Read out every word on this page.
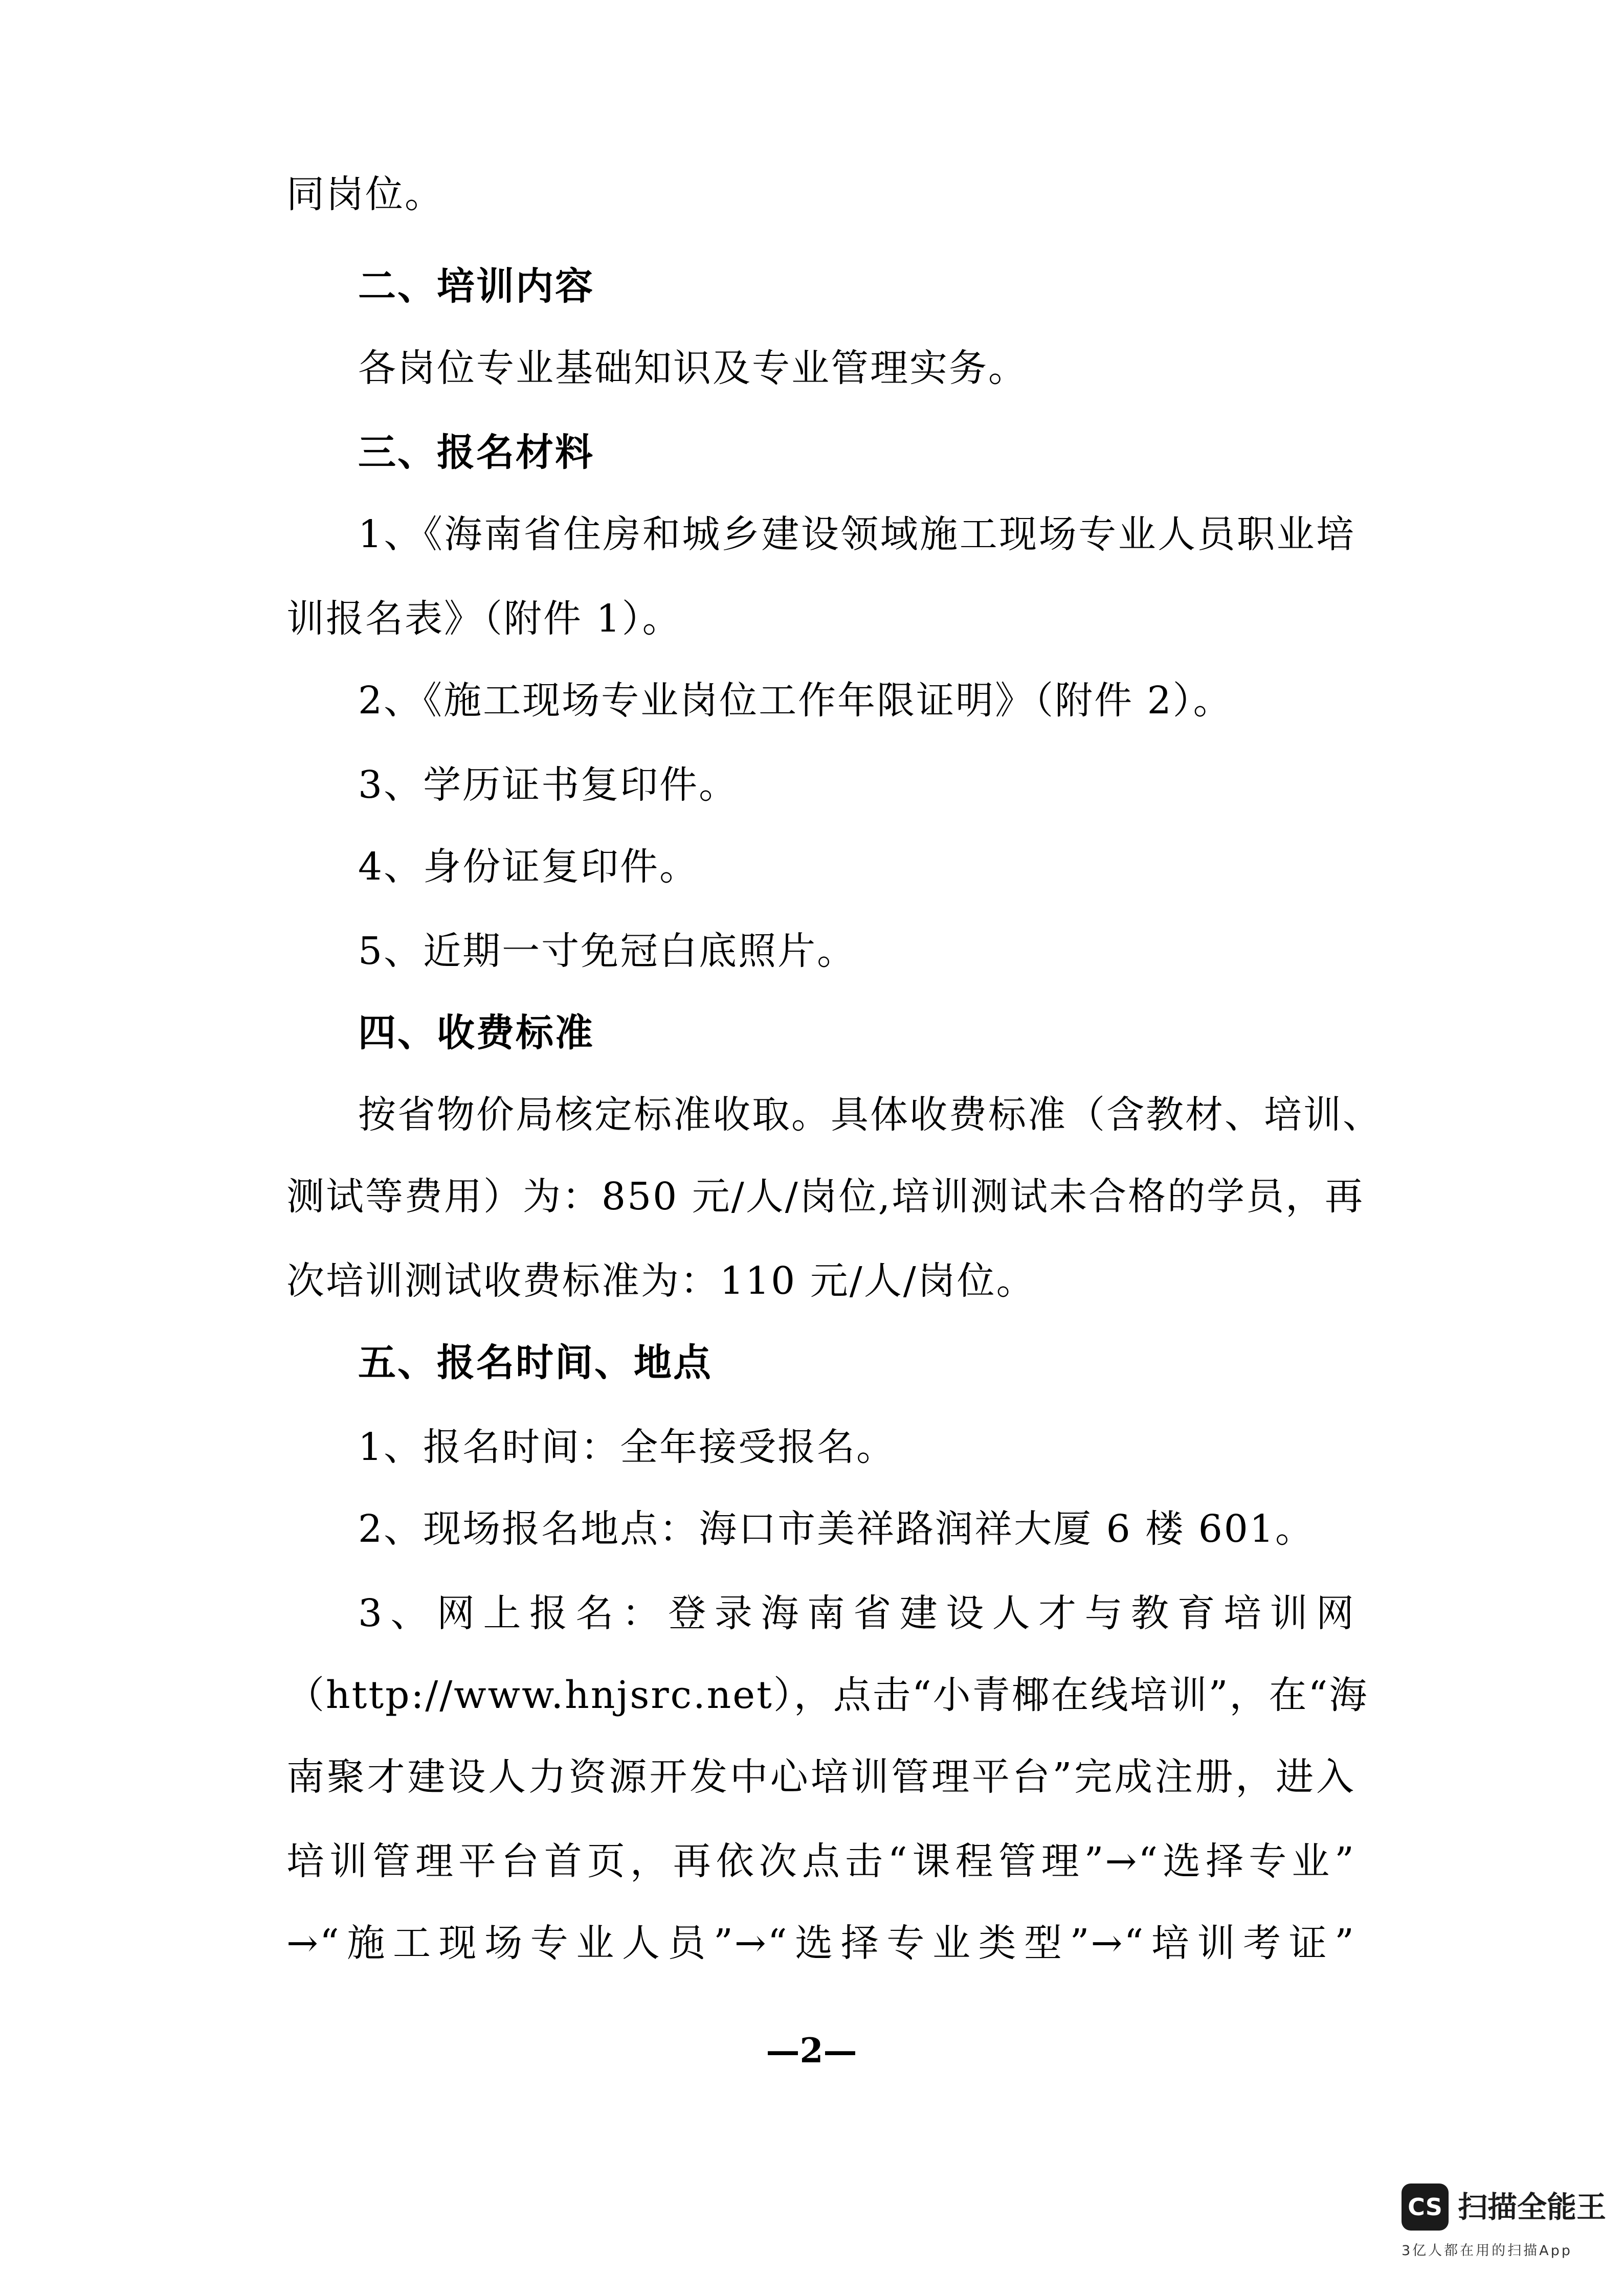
同岗位。
二、培训内容
各岗位专业基础知识及专业管理实务。
三、报名材料
1、《海南省住房和城乡建设领域施工现场专业人员职业培
训报名表》（附件 1）。
2、《施工现场专业岗位工作年限证明》（附件 2）。
3、学历证书复印件。
4、身份证复印件。
5、近期一寸免冠白底照片。
四、收费标准
按省物价局核定标准收取。具体收费标准（含教材、培训、
测试等费用）为：850 元/人/岗位,培训测试未合格的学员，再
次培训测试收费标准为：110 元/人/岗位。
五、报名时间、地点
1、报名时间：全年接受报名。
2、现场报名地点：海口市美祥路润祥大厦 6 楼 601。
3、网上报名：登录海南省建设人才与教育培训网
（http://www.hnjsrc.net），点击“小青椰在线培训”，在“海
南聚才建设人力资源开发中心培训管理平台”完成注册，进入
培训管理平台首页，再依次点击“课程管理”→“选择专业”
→“施工现场专业人员”→“选择专业类型”→“培训考证”
—2—
CS 扫描全能王
3亿人都在用的扫描App
